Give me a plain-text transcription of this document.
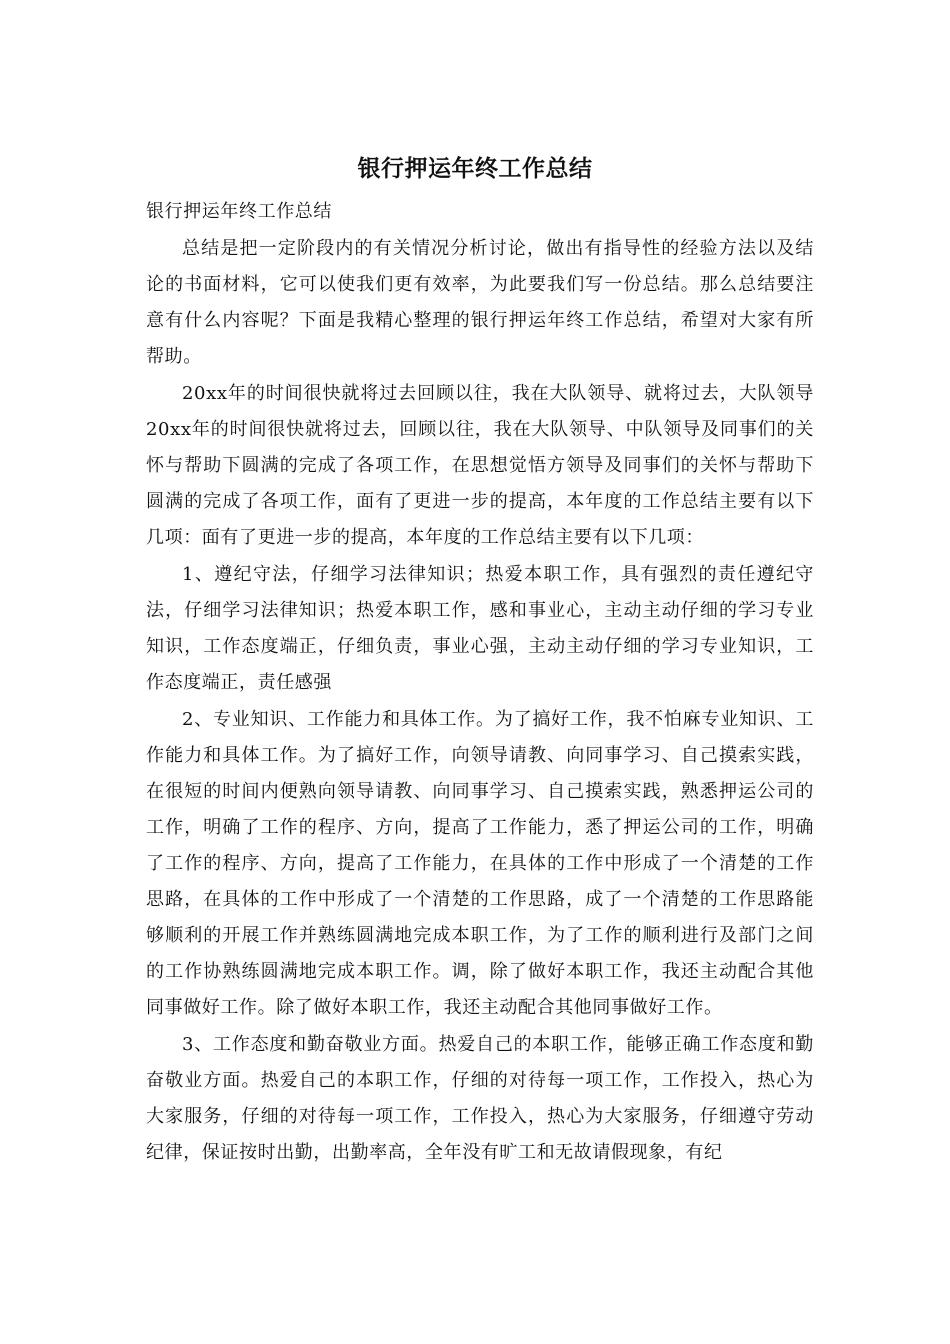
银行押运年终工作总结

银行押运年终工作总结

总结是把一定阶段内的有关情况分析讨论，做出有指导性的经验方法以及结论的书面材料，它可以使我们更有效率，为此要我们写一份总结。那么总结要注意有什么内容呢？下面是我精心整理的银行押运年终工作总结，希望对大家有所帮助。

20xx年的时间很快就将过去回顾以往，我在大队领导、就将过去，大队领导20xx年的时间很快就将过去，回顾以往，我在大队领导、中队领导及同事们的关怀与帮助下圆满的完成了各项工作，在思想觉悟方领导及同事们的关怀与帮助下圆满的完成了各项工作，面有了更进一步的提高，本年度的工作总结主要有以下几项：面有了更进一步的提高，本年度的工作总结主要有以下几项：

1、遵纪守法，仔细学习法律知识；热爱本职工作，具有强烈的责任遵纪守法，仔细学习法律知识；热爱本职工作，感和事业心，主动主动仔细的学习专业知识，工作态度端正，仔细负责，事业心强，主动主动仔细的学习专业知识，工作态度端正，责任感强

2、专业知识、工作能力和具体工作。为了搞好工作，我不怕麻专业知识、工作能力和具体工作。为了搞好工作，向领导请教、向同事学习、自己摸索实践，在很短的时间内便熟向领导请教、向同事学习、自己摸索实践，熟悉押运公司的工作，明确了工作的程序、方向，提高了工作能力，悉了押运公司的工作，明确了工作的程序、方向，提高了工作能力，在具体的工作中形成了一个清楚的工作思路，在具体的工作中形成了一个清楚的工作思路，成了一个清楚的工作思路能够顺利的开展工作并熟练圆满地完成本职工作，为了工作的顺利进行及部门之间的工作协熟练圆满地完成本职工作。调，除了做好本职工作，我还主动配合其他同事做好工作。除了做好本职工作，我还主动配合其他同事做好工作。

3、工作态度和勤奋敬业方面。热爱自己的本职工作，能够正确工作态度和勤奋敬业方面。热爱自己的本职工作，仔细的对待每一项工作，工作投入，热心为大家服务，仔细的对待每一项工作，工作投入，热心为大家服务，仔细遵守劳动纪律，保证按时出勤，出勤率高，全年没有旷工和无故请假现象，有纪
